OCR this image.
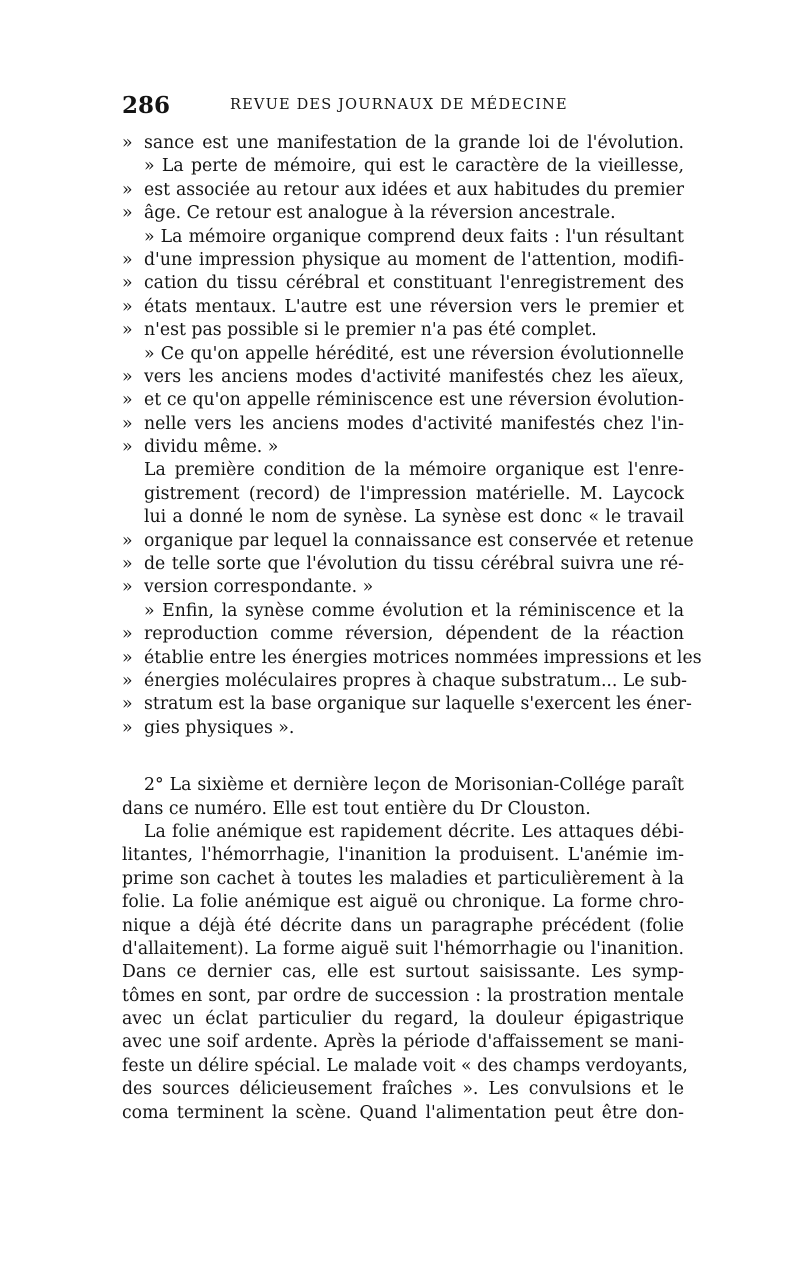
286	REVUE DES JOURNAUX DE MÉDECINE
» sance est une manifestation de la grande loi de l'évolution.
» La perte de mémoire, qui est le caractère de la vieillesse,
» est associée au retour aux idées et aux habitudes du premier
» âge. Ce retour est analogue à la réversion ancestrale.
» La mémoire organique comprend deux faits : l'un résultant
» d'une impression physique au moment de l'attention, modifi-
» cation du tissu cérébral et constituant l'enregistrement des
» états mentaux. L'autre est une réversion vers le premier et
» n'est pas possible si le premier n'a pas été complet.
» Ce qu'on appelle hérédité, est une réversion évolutionnelle
» vers les anciens modes d'activité manifestés chez les aïeux,
» et ce qu'on appelle réminiscence est une réversion évolution-
» nelle vers les anciens modes d'activité manifestés chez l'in-
» dividu même. »
La première condition de la mémoire organique est l'enre-
gistrement (record) de l'impression matérielle. M. Laycock
lui a donné le nom de synèse. La synèse est donc « le travail
» organique par lequel la connaissance est conservée et retenue
» de telle sorte que l'évolution du tissu cérébral suivra une ré-
» version correspondante. »
» Enfin, la synèse comme évolution et la réminiscence et la
» reproduction comme réversion, dépendent de la réaction
» établie entre les énergies motrices nommées impressions et les
» énergies moléculaires propres à chaque substratum... Le sub-
» stratum est la base organique sur laquelle s'exercent les éner-
» gies physiques ».
2° La sixième et dernière leçon de Morisonian-Collége paraît
dans ce numéro. Elle est tout entière du Dr Clouston.
La folie anémique est rapidement décrite. Les attaques débi-
litantes, l'hémorrhagie, l'inanition la produisent. L'anémie im-
prime son cachet à toutes les maladies et particulièrement à la
folie. La folie anémique est aiguë ou chronique. La forme chro-
nique a déjà été décrite dans un paragraphe précédent (folie
d'allaitement). La forme aiguë suit l'hémorrhagie ou l'inanition.
Dans ce dernier cas, elle est surtout saisissante. Les symp-
tômes en sont, par ordre de succession : la prostration mentale
avec un éclat particulier du regard, la douleur épigastrique
avec une soif ardente. Après la période d'affaissement se mani-
feste un délire spécial. Le malade voit « des champs verdoyants,
des sources délicieusement fraîches ». Les convulsions et le
coma terminent la scène. Quand l'alimentation peut être don-
